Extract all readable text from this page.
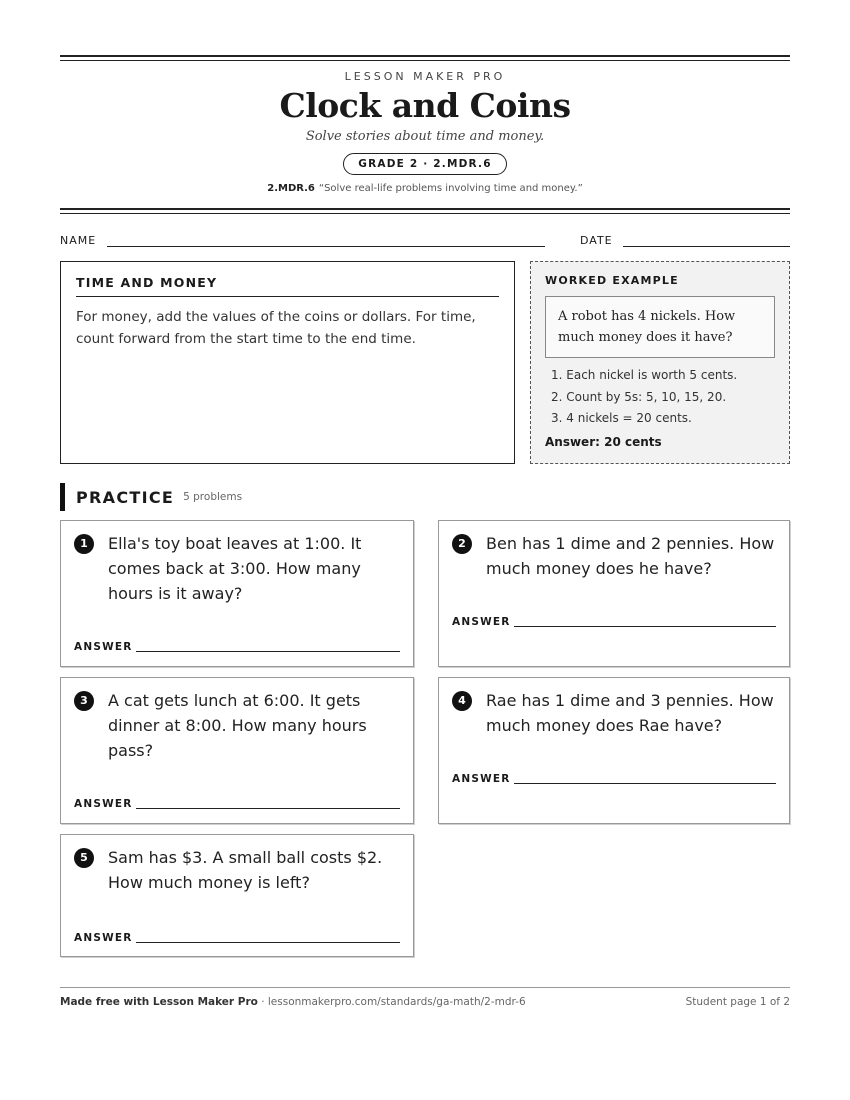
LESSON MAKER PRO
Clock and Coins
Solve stories about time and money.
GRADE 2 · 2.MDR.6
2.MDR.6 “Solve real-life problems involving time and money.”
NAME	DATE
TIME AND MONEY

For money, add the values of the coins or dollars. For time, count forward from the start time to the end time.

WORKED EXAMPLE
A robot has 4 nickels. How much money does it have?
1. Each nickel is worth 5 cents.
2. Count by 5s: 5, 10, 15, 20.
3. 4 nickels = 20 cents.
Answer: 20 cents
PRACTICE 5 problems
1	Ella's toy boat leaves at 1:00. It comes back at 3:00. How many hours is it away?
ANSWER
2	Ben has 1 dime and 2 pennies. How much money does he have?
ANSWER
3	A cat gets lunch at 6:00. It gets dinner at 8:00. How many hours pass?
ANSWER
4	Rae has 1 dime and 3 pennies. How much money does Rae have?
ANSWER
5	Sam has $3. A small ball costs $2. How much money is left?
ANSWER
Made free with Lesson Maker Pro · lessonmakerpro.com/standards/ga-math/2-mdr-6	Student page 1 of 2
